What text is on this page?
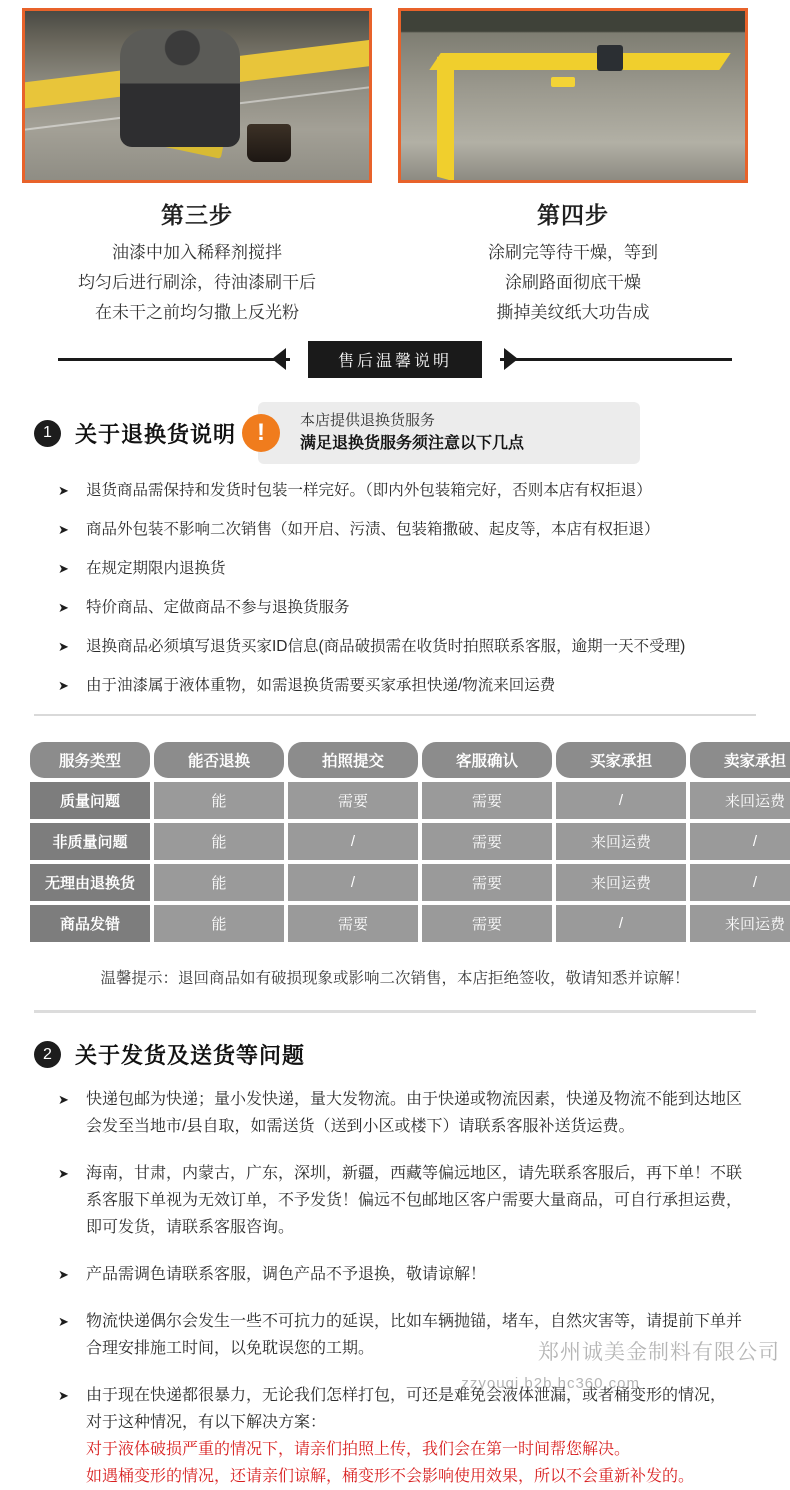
第三步
油漆中加入稀释剂搅拌
均匀后进行刷涂，待油漆刷干后
在未干之前均匀撒上反光粉
第四步
涂刷完等待干燥，等到
涂刷路面彻底干燥
撕掉美纹纸大功告成
售后温馨说明
1	关于退换货说明 !	本店提供退换货服务
满足退换货服务须注意以下几点
➤ 退货商品需保持和发货时包装一样完好。（即内外包装箱完好，否则本店有权拒退）
➤ 商品外包装不影响二次销售（如开启、污渍、包装箱撒破、起皮等，本店有权拒退）
➤ 在规定期限内退换货
➤ 特价商品、定做商品不参与退换货服务
➤ 退换商品必须填写退货买家ID信息(商品破损需在收货时拍照联系客服，逾期一天不受理)
➤ 由于油漆属于液体重物，如需退换货需要买家承担快递/物流来回运费
服务类型	能否退换	拍照提交	客服确认	买家承担	卖家承担
质量问题	能	需要	需要	/	来回运费
非质量问题	能	/	需要	来回运费	/
无理由退换货	能	/	需要	来回运费	/
商品发错	能	需要	需要	/	来回运费
温馨提示：退回商品如有破损现象或影响二次销售，本店拒绝签收，敬请知悉并谅解！
2	关于发货及送货等问题
➤ 快递包邮为快递；量小发快递，量大发物流。由于快递或物流因素，快递及物流不能到达地区会发至当地市/县自取，如需送货（送到小区或楼下）请联系客服补送货运费。
➤ 海南，甘肃，内蒙古，广东，深圳，新疆，西藏等偏远地区，请先联系客服后，再下单！不联系客服下单视为无效订单，不予发货！偏远不包邮地区客户需要大量商品，可自行承担运费，即可发货，请联系客服咨询。
➤ 产品需调色请联系客服，调色产品不予退换，敬请谅解！
➤ 物流快递偶尔会发生一些不可抗力的延误，比如车辆抛锚，堵车，自然灾害等，请提前下单并合理安排施工时间，以免耽误您的工期。
➤ 由于现在快递都很暴力，无论我们怎样打包，可还是难免会液体泄漏，或者桶变形的情况，
对于这种情况，有以下解决方案：
对于液体破损严重的情况下，请亲们拍照上传，我们会在第一时间帮您解决。
如遇桶变形的情况，还请亲们谅解，桶变形不会影响使用效果，所以不会重新补发的。
郑州诚美金制料有限公司
zzyouqi.b2b.hc360.com
